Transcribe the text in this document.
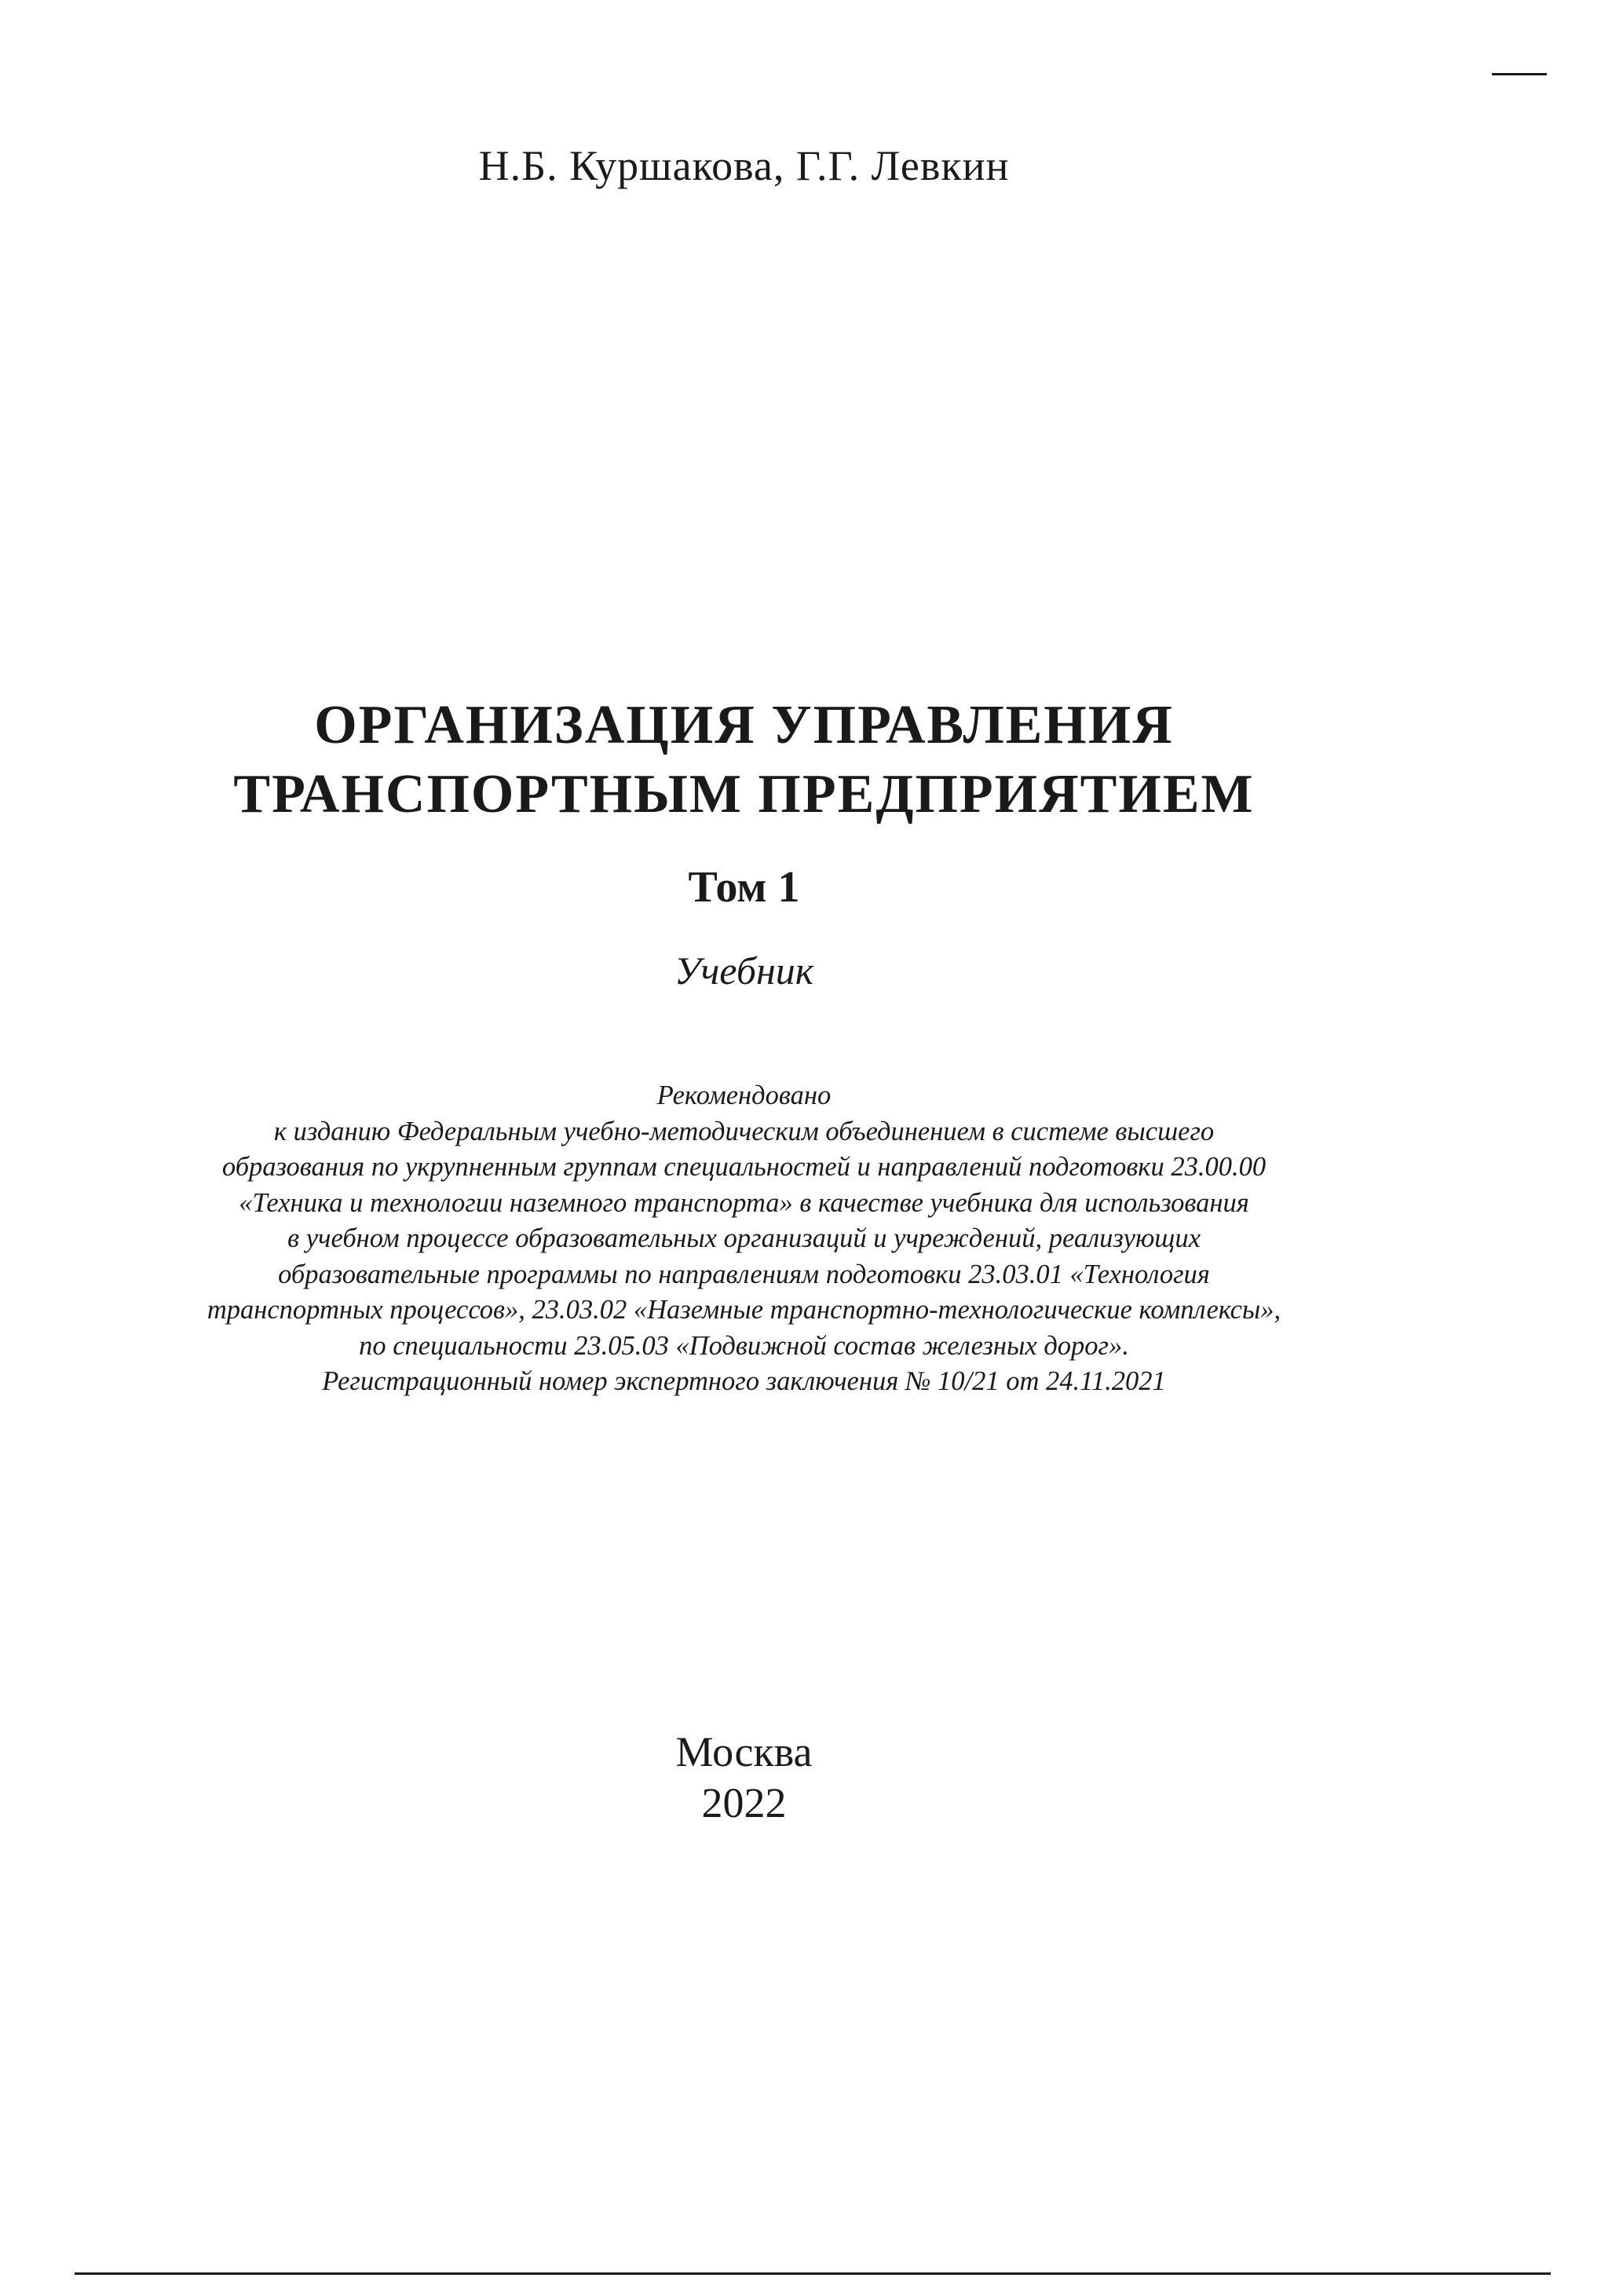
Н.Б. Куршакова, Г.Г. Левкин
ОРГАНИЗАЦИЯ УПРАВЛЕНИЯ
ТРАНСПОРТНЫМ ПРЕДПРИЯТИЕМ
Том 1
Учебник
Рекомендовано
к изданию Федеральным учебно-методическим объединением в системе высшего
образования по укрупненным группам специальностей и направлений подготовки 23.00.00
«Техника и технологии наземного транспорта» в качестве учебника для использования
в учебном процессе образовательных организаций и учреждений, реализующих
образовательные программы по направлениям подготовки 23.03.01 «Технология
транспортных процессов», 23.03.02 «Наземные транспортно-технологические комплексы»,
по специальности 23.05.03 «Подвижной состав железных дорог».
Регистрационный номер экспертного заключения № 10/21 от 24.11.2021
Москва
2022
